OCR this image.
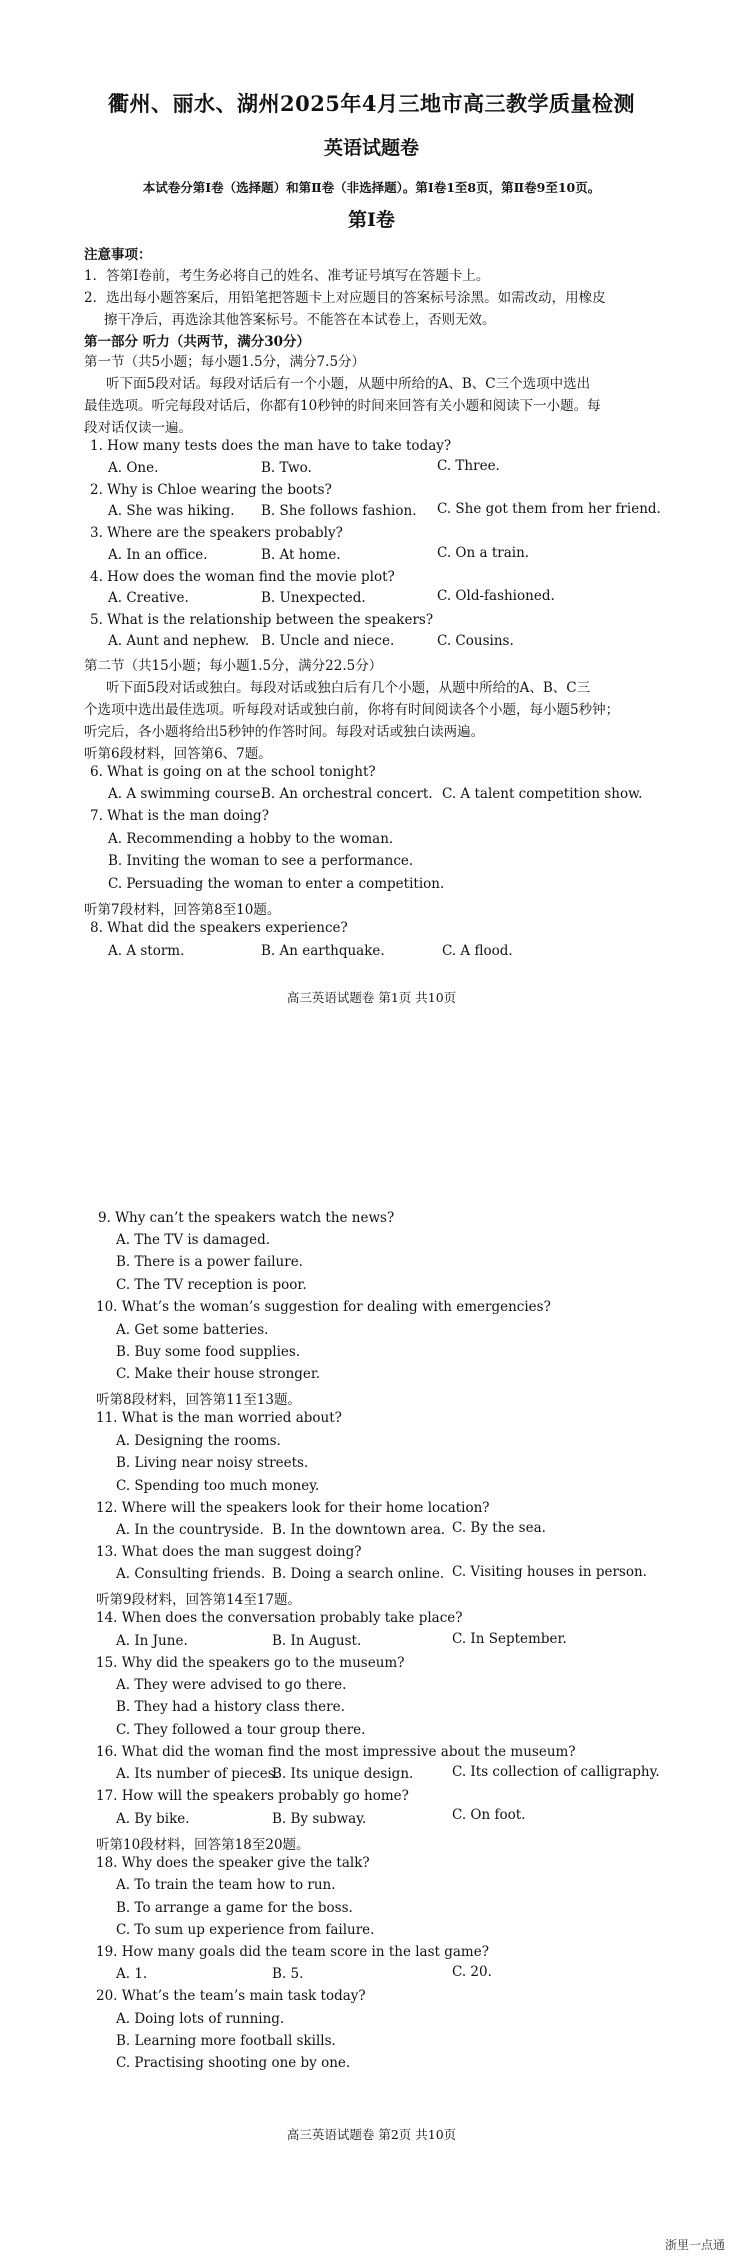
衢州、丽水、湖州2025年4月三地市高三教学质量检测
英语试题卷
本试卷分第Ⅰ卷（选择题）和第Ⅱ卷（非选择题）。第Ⅰ卷1至8页，第Ⅱ卷9至10页。
第Ⅰ卷
注意事项：
1．答第Ⅰ卷前，考生务必将自己的姓名、准考证号填写在答题卡上。
2．选出每小题答案后，用铅笔把答题卡上对应题目的答案标号涂黑。如需改动，用橡皮
擦干净后，再选涂其他答案标号。不能答在本试卷上，否则无效。
第一部分 听力（共两节，满分30分）
第一节（共5小题；每小题1.5分，满分7.5分）
听下面5段对话。每段对话后有一个小题，从题中所给的A、B、C三个选项中选出
最佳选项。听完每段对话后，你都有10秒钟的时间来回答有关小题和阅读下一小题。每
段对话仅读一遍。
1. How many tests does the man have to take today?
A. One.	B. Two.	C. Three.
2. Why is Chloe wearing the boots?
A. She was hiking. B. She follows fashion. C. She got them from her friend.
3. Where are the speakers probably?
A. In an office.	B. At home.	C. On a train.
4. How does the woman find the movie plot?
A. Creative.	B. Unexpected.	C. Old-fashioned.
5. What is the relationship between the speakers?
A. Aunt and nephew. B. Uncle and niece.	C. Cousins.
第二节（共15小题；每小题1.5分，满分22.5分）
听下面5段对话或独白。每段对话或独白后有几个小题，从题中所给的A、B、C三
个选项中选出最佳选项。听每段对话或独白前，你将有时间阅读各个小题，每小题5秒钟；
听完后，各小题将给出5秒钟的作答时间。每段对话或独白读两遍。
听第6段材料，回答第6、7题。
6. What is going on at the school tonight?
A. A swimming course.
B. An orchestral concert. C. A talent competition show.
7. What is the man doing?
A. Recommending a hobby to the woman.
B. Inviting the woman to see a performance.
C. Persuading the woman to enter a competition.
听第7段材料，回答第8至10题。
8. What did the speakers experience?
A. A storm.	B. An earthquake.	C. A flood.
高三英语试题卷 第1页 共10页
9. Why can’t the speakers watch the news?
A. The TV is damaged.
B. There is a power failure.
C. The TV reception is poor.
10. What’s the woman’s suggestion for dealing with emergencies?
A. Get some batteries.
B. Buy some food supplies.
C. Make their house stronger.
听第8段材料，回答第11至13题。
11. What is the man worried about?
A. Designing the rooms.
B. Living near noisy streets.
C. Spending too much money.
12. Where will the speakers look for their home location?
A. In the countryside. B. In the downtown area. C. By the sea.
13. What does the man suggest doing?
A. Consulting friends. B. Doing a search online. C. Visiting houses in person.
听第9段材料，回答第14至17题。
14. When does the conversation probably take place?
A. In June.	B. In August.	C. In September.
15. Why did the speakers go to the museum?
A. They were advised to go there.
B. They had a history class there.
C. They followed a tour group there.
16. What did the woman find the most impressive about the museum?
A. Its number of pieces.
B. Its unique design.	C. Its collection of calligraphy.
17. How will the speakers probably go home?
A. By bike.	B. By subway.	C. On foot.
听第10段材料，回答第18至20题。
18. Why does the speaker give the talk?
A. To train the team how to run.
B. To arrange a game for the boss.
C. To sum up experience from failure.
19. How many goals did the team score in the last game?
A. 1.	B. 5.	C. 20.
20. What’s the team’s main task today?
A. Doing lots of running.
B. Learning more football skills.
C. Practising shooting one by one.
高三英语试题卷 第2页 共10页
浙里一点通
